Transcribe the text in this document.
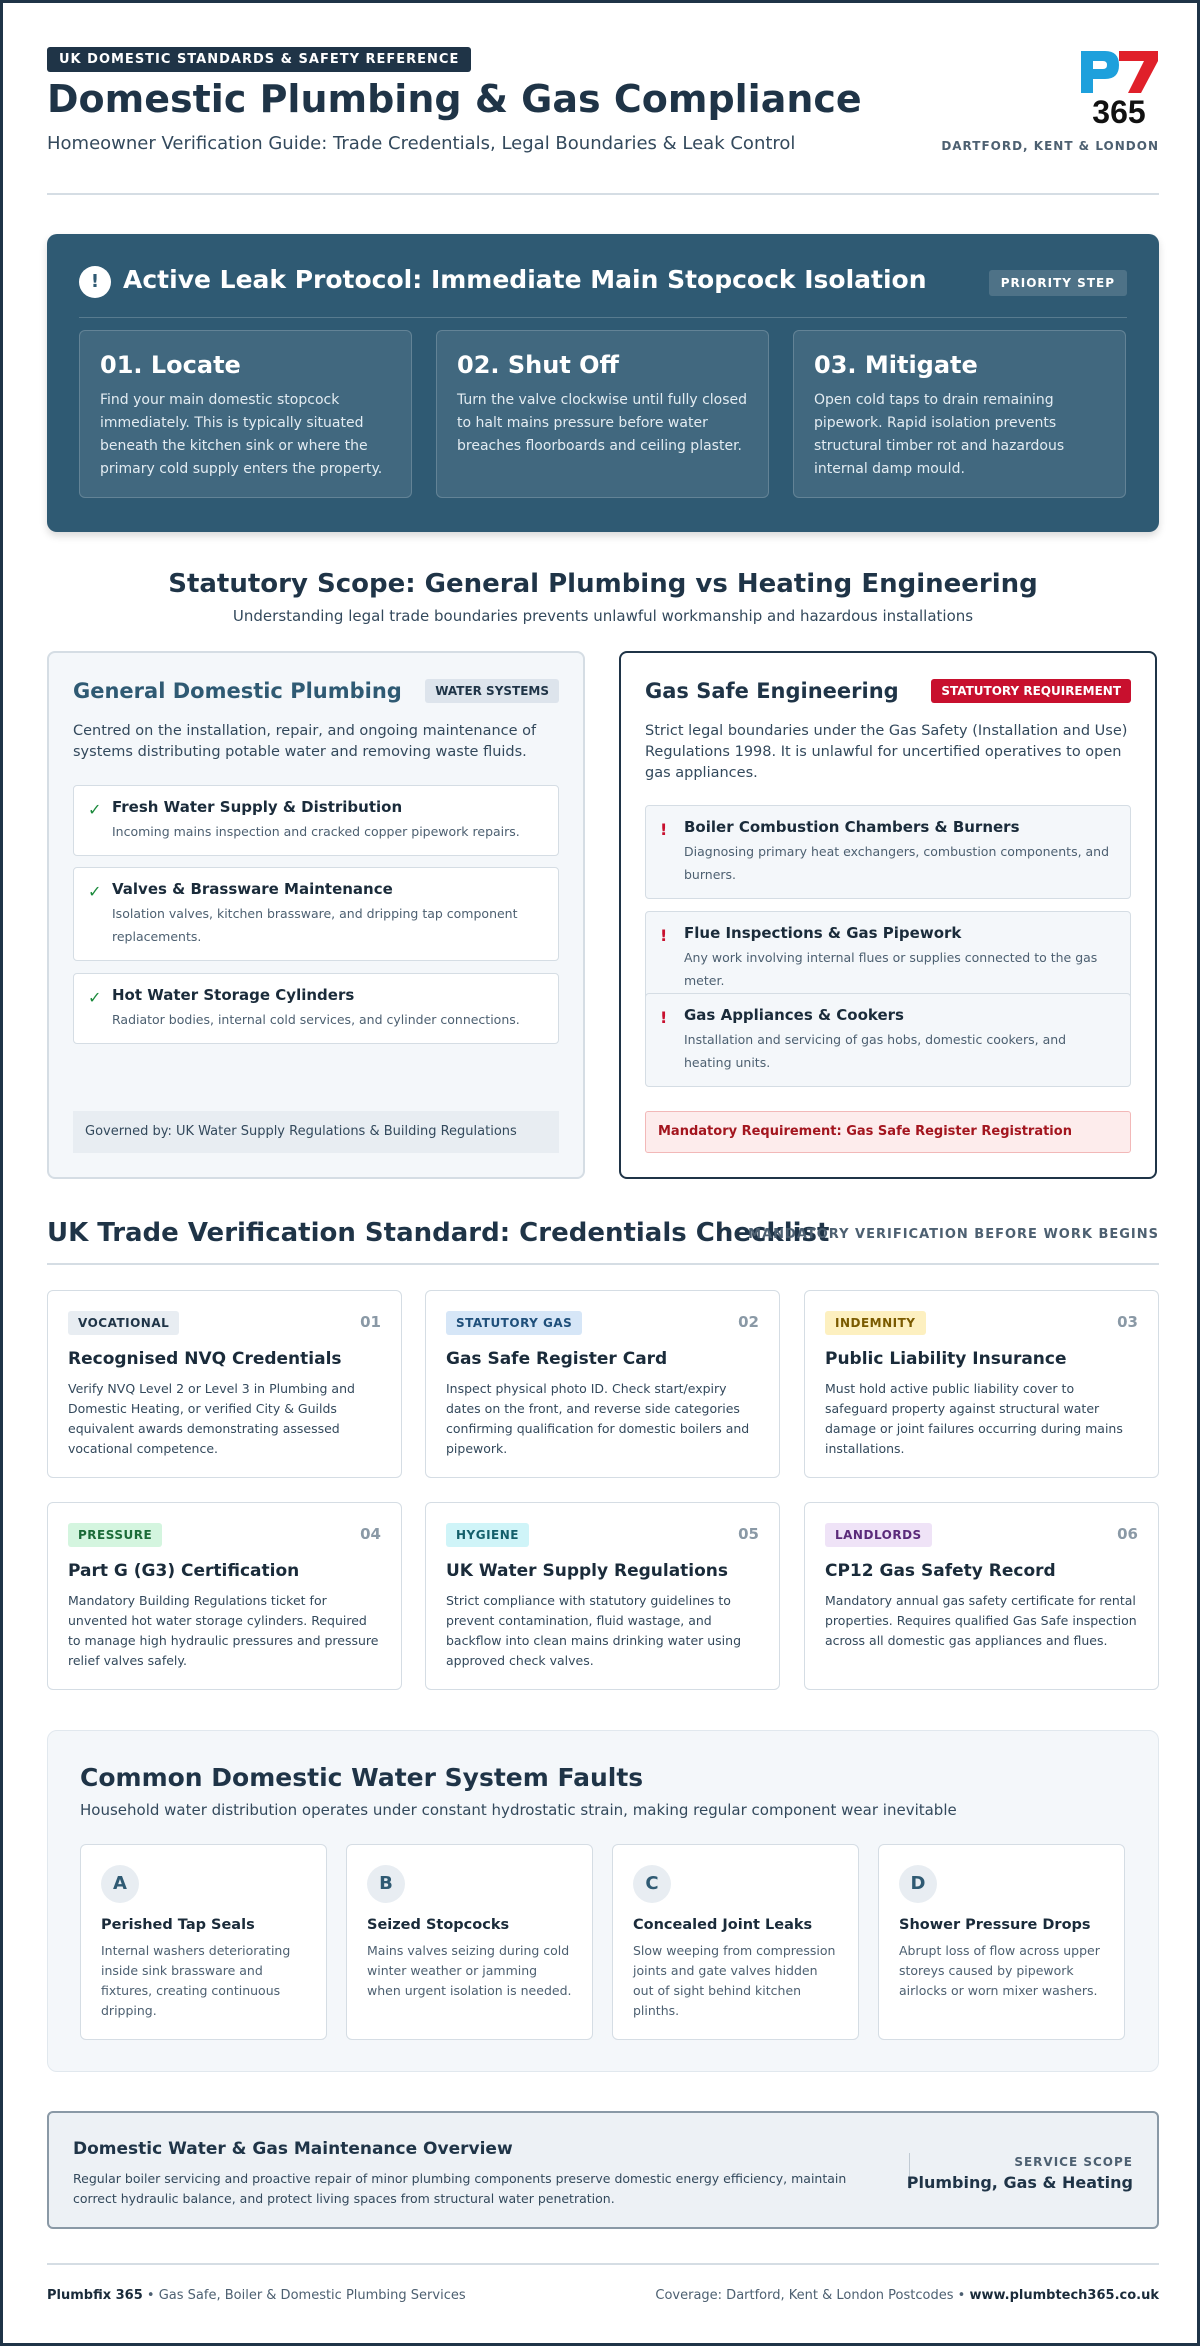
UK DOMESTIC STANDARDS & SAFETY REFERENCE
Domestic Plumbing & Gas Compliance
Homeowner Verification Guide: Trade Credentials, Legal Boundaries & Leak Control
365
DARTFORD, KENT & LONDON
! Active Leak Protocol: Immediate Main Stopcock Isolation	PRIORITY STEP
01. Locate

Find your main domestic stopcock immediately. This is typically situated beneath the kitchen sink or where the primary cold supply enters the property.

02. Shut Off

Turn the valve clockwise until fully closed to halt mains pressure before water breaches floorboards and ceiling plaster.

03. Mitigate

Open cold taps to drain remaining pipework. Rapid isolation prevents structural timber rot and hazardous internal damp mould.

Statutory Scope: General Plumbing vs Heating Engineering
Understanding legal trade boundaries prevents unlawful workmanship and hazardous installations
General Domestic Plumbing	WATER SYSTEMS
Centred on the installation, repair, and ongoing maintenance of systems distributing potable water and removing waste fluids.
✓ Fresh Water Supply & Distribution

Incoming mains inspection and cracked copper pipework repairs.

✓ Valves & Brassware Maintenance

Isolation valves, kitchen brassware, and dripping tap component replacements.

✓ Hot Water Storage Cylinders

Radiator bodies, internal cold services, and cylinder connections.

Governed by: UK Water Supply Regulations & Building Regulations
Gas Safe Engineering	STATUTORY REQUIREMENT
Strict legal boundaries under the Gas Safety (Installation and Use) Regulations 1998. It is unlawful for uncertified operatives to open gas appliances.
! Boiler Combustion Chambers & Burners

Diagnosing primary heat exchangers, combustion components, and burners.

! Flue Inspections & Gas Pipework

Any work involving internal flues or supplies connected to the gas meter.

! Gas Appliances & Cookers

Installation and servicing of gas hobs, domestic cookers, and heating units.

Mandatory Requirement: Gas Safe Register Registration
UK Trade Verification Standard: Credentials Checklist
MANDATORY VERIFICATION BEFORE WORK BEGINS
VOCATIONAL	01
Recognised NVQ Credentials

Verify NVQ Level 2 or Level 3 in Plumbing and Domestic Heating, or verified City & Guilds equivalent awards demonstrating assessed vocational competence.

STATUTORY GAS	02
Gas Safe Register Card

Inspect physical photo ID. Check start/expiry dates on the front, and reverse side categories confirming qualification for domestic boilers and pipework.

INDEMNITY	03
Public Liability Insurance

Must hold active public liability cover to safeguard property against structural water damage or joint failures occurring during mains installations.

PRESSURE	04
Part G (G3) Certification

Mandatory Building Regulations ticket for unvented hot water storage cylinders. Required to manage high hydraulic pressures and pressure relief valves safely.

HYGIENE	05
UK Water Supply Regulations

Strict compliance with statutory guidelines to prevent contamination, fluid wastage, and backflow into clean mains drinking water using approved check valves.

LANDLORDS	06
CP12 Gas Safety Record

Mandatory annual gas safety certificate for rental properties. Requires qualified Gas Safe inspection across all domestic gas appliances and flues.

Common Domestic Water System Faults
Household water distribution operates under constant hydrostatic strain, making regular component wear inevitable
A
Perished Tap Seals

Internal washers deteriorating inside sink brassware and fixtures, creating continuous dripping.

B
Seized Stopcocks

Mains valves seizing during cold winter weather or jamming when urgent isolation is needed.

C
Concealed Joint Leaks

Slow weeping from compression joints and gate valves hidden out of sight behind kitchen plinths.

D
Shower Pressure Drops

Abrupt loss of flow across upper storeys caused by pipework airlocks or worn mixer washers.

Domestic Water & Gas Maintenance Overview
Regular boiler servicing and proactive repair of minor plumbing components preserve domestic energy efficiency, maintain correct hydraulic balance, and protect living spaces from structural water penetration.
SERVICE SCOPE
Plumbing, Gas & Heating
Plumbfix 365 • Gas Safe, Boiler & Domestic Plumbing Services	Coverage: Dartford, Kent & London Postcodes • www.plumbtech365.co.uk
